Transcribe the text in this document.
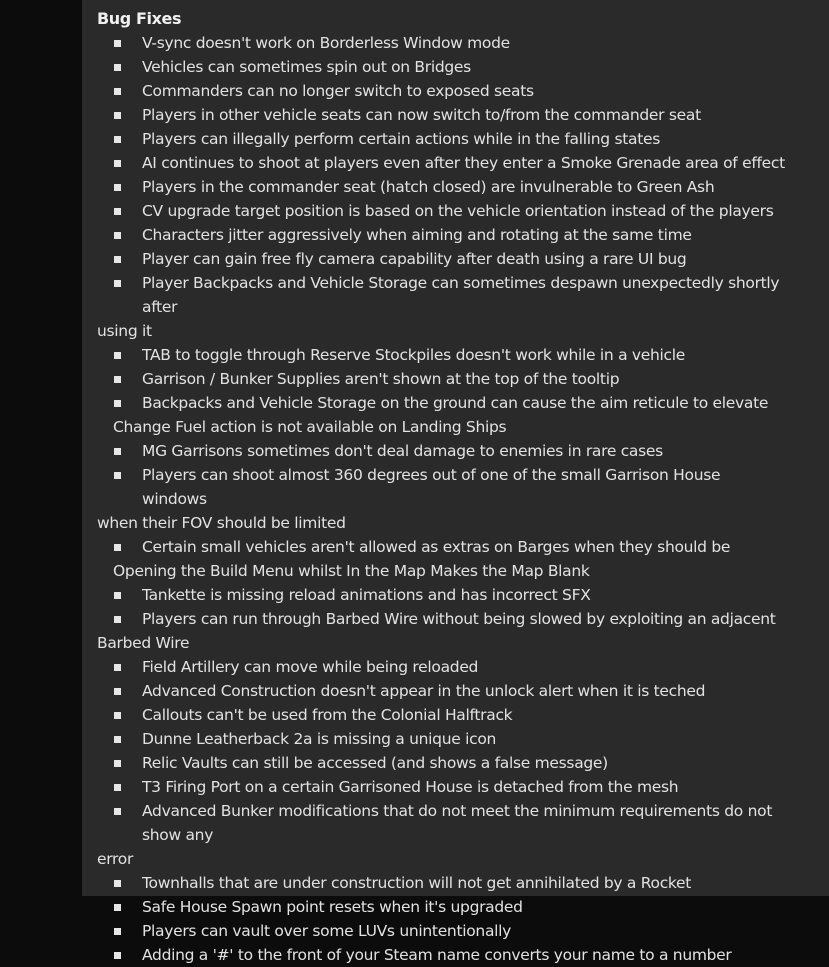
Bug Fixes
V-sync doesn't work on Borderless Window mode
Vehicles can sometimes spin out on Bridges
Commanders can no longer switch to exposed seats
Players in other vehicle seats can now switch to/from the commander seat
Players can illegally perform certain actions while in the falling states
AI continues to shoot at players even after they enter a Smoke Grenade area of effect
Players in the commander seat (hatch closed) are invulnerable to Green Ash
CV upgrade target position is based on the vehicle orientation instead of the players
Characters jitter aggressively when aiming and rotating at the same time
Player can gain free fly camera capability after death using a rare UI bug
Player Backpacks and Vehicle Storage can sometimes despawn unexpectedly shortly after
using it
TAB to toggle through Reserve Stockpiles doesn't work while in a vehicle
Garrison / Bunker Supplies aren't shown at the top of the tooltip
Backpacks and Vehicle Storage on the ground can cause the aim reticule to elevate
Change Fuel action is not available on Landing Ships
MG Garrisons sometimes don't deal damage to enemies in rare cases
Players can shoot almost 360 degrees out of one of the small Garrison House windows
when their FOV should be limited
Certain small vehicles aren't allowed as extras on Barges when they should be
Opening the Build Menu whilst In the Map Makes the Map Blank
Tankette is missing reload animations and has incorrect SFX
Players can run through Barbed Wire without being slowed by exploiting an adjacent
Barbed Wire
Field Artillery can move while being reloaded
Advanced Construction doesn't appear in the unlock alert when it is teched
Callouts can't be used from the Colonial Halftrack
Dunne Leatherback 2a is missing a unique icon
Relic Vaults can still be accessed (and shows a false message)
T3 Firing Port on a certain Garrisoned House is detached from the mesh
Advanced Bunker modifications that do not meet the minimum requirements do not show any
error
Townhalls that are under construction will not get annihilated by a Rocket
Safe House Spawn point resets when it's upgraded
Players can vault over some LUVs unintentionally
Adding a '#' to the front of your Steam name converts your name to a number
